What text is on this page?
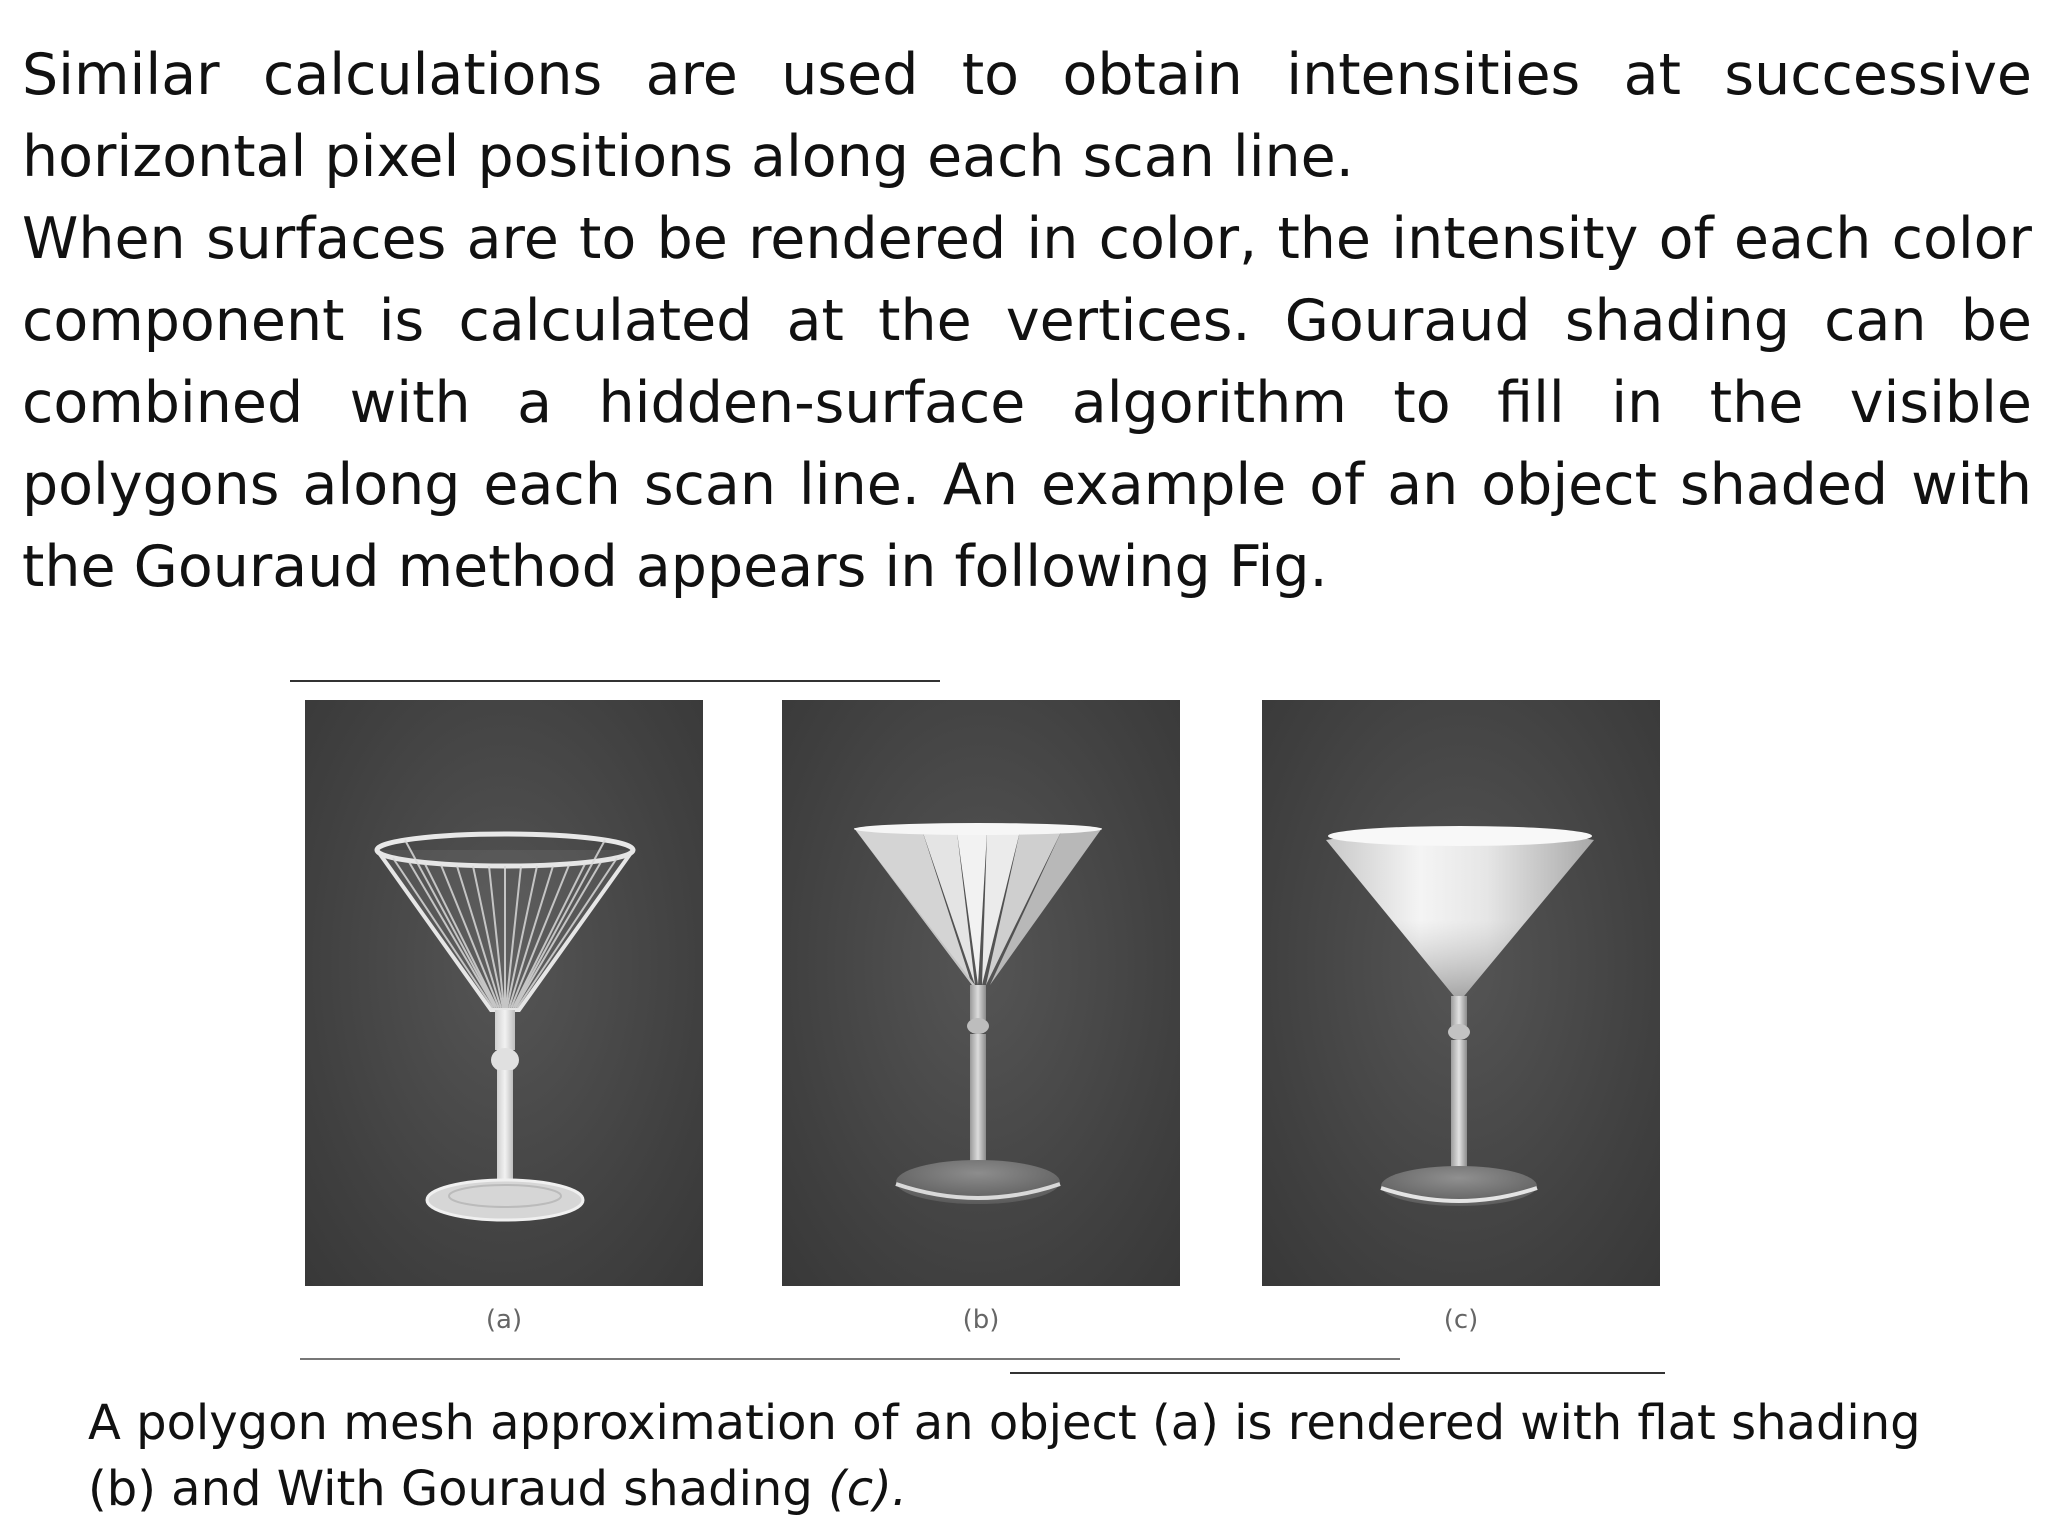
Similar calculations are used to obtain intensities at successive horizontal pixel positions along each scan line.

When surfaces are to be rendered in color, the intensity of each color component is calculated at the vertices. Gouraud shading can be combined with a hidden-surface algorithm to fill in the visible polygons along each scan line. An example of an object shaded with the Gouraud method appears in following Fig.

(a)	(b)	(c)

A polygon mesh approximation of an object (a) is rendered with flat shading (b) and With Gouraud shading (c).
